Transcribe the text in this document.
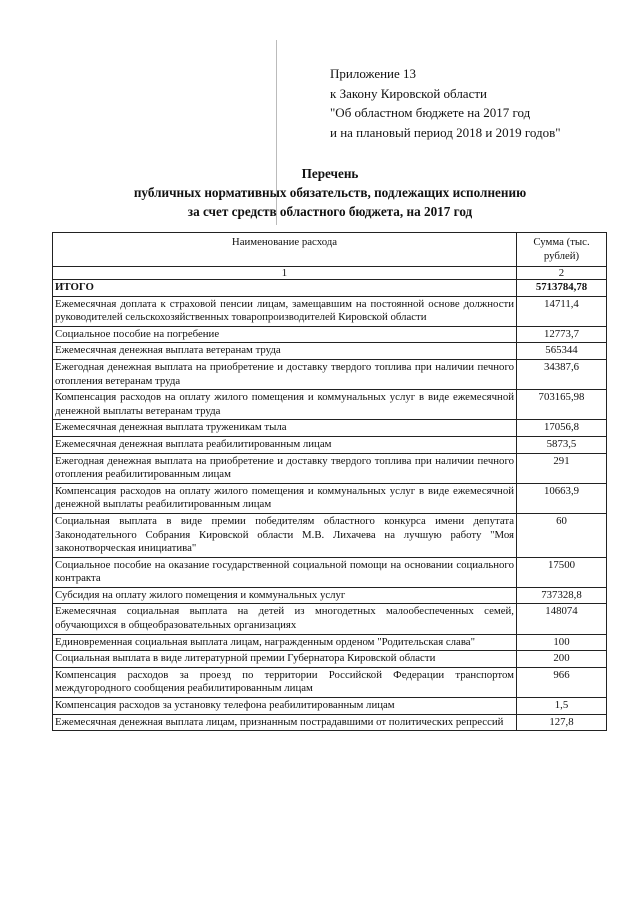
Приложение 13
к Закону Кировской области
"Об областном бюджете на 2017 год
и на плановый период 2018 и 2019 годов"
Перечень
публичных нормативных обязательств, подлежащих исполнению
за счет средств областного бюджета, на 2017 год
Наименование расхода	Сумма (тыс. рублей)
1	2
ИТОГО	5713784,78
Ежемесячная доплата к страховой пенсии лицам, замещавшим на постоянной основе должности руководителей сельскохозяйственных товаропроизводителей Кировской области	14711,4
Социальное пособие на погребение	12773,7
Ежемесячная денежная выплата ветеранам труда	565344
Ежегодная денежная выплата на приобретение и доставку твердого топлива при наличии печного отопления ветеранам труда	34387,6
Компенсация расходов на оплату жилого помещения и коммунальных услуг в виде ежемесячной денежной выплаты ветеранам труда	703165,98
Ежемесячная денежная выплата труженикам тыла	17056,8
Ежемесячная денежная выплата реабилитированным лицам	5873,5
Ежегодная денежная выплата на приобретение и доставку твердого топлива при наличии печного отопления реабилитированным лицам	291
Компенсация расходов на оплату жилого помещения и коммунальных услуг в виде ежемесячной денежной выплаты реабилитированным лицам	10663,9
Социальная выплата в виде премии победителям областного конкурса имени депутата Законодательного Собрания Кировской области М.В. Лихачева на лучшую работу "Моя законотворческая инициатива"	60
Социальное пособие на оказание государственной социальной помощи на основании социального контракта	17500
Субсидия на оплату жилого помещения и коммунальных услуг	737328,8
Ежемесячная социальная выплата на детей из многодетных малообеспеченных семей, обучающихся в общеобразовательных организациях	148074
Единовременная социальная выплата лицам, награжденным орденом "Родительская слава"	100
Социальная выплата в виде литературной премии Губернатора Кировской области	200
Компенсация расходов за проезд по территории Российской Федерации транспортом междугородного сообщения реабилитированным лицам	966
Компенсация расходов за установку телефона реабилитированным лицам	1,5
Ежемесячная денежная выплата лицам, признанным пострадавшими от политических репрессий	127,8
